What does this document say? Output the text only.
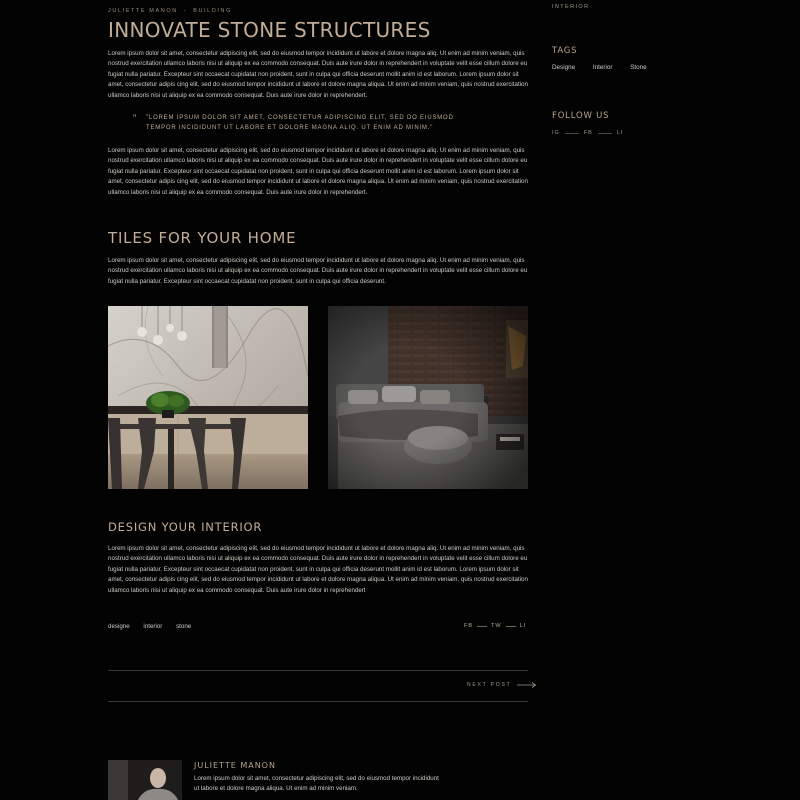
JULIETTE MANON - BUILDING
INNOVATE STONE STRUCTURES

Lorem ipsum dolor sit amet, consectetur adipiscing elit, sed do eiusmod tempor incididunt ut labore et dolore magna aliq. Ut enim ad minim veniam, quis nostrud exercitation ullamco laboris nisi ut aliquip ex ea commodo consequat. Duis aute irure dolor in reprehendert in voluptate velit esse cillum dolore eu fugiat nulla pariatur. Excepteur sint occaecat cupidatat non proident, sunt in culpa qui officia deserunt mollit anim id est laborum. Lorem ipsum dolor sit amet, consectetur adipis cing elit, sed do eiusmod tempor incididunt ut labore et dolore magna aliqua. Ut enim ad minim veniam, quis nostrud exercitation ullamco laboris nisi ut aliquip ex ea commodo consequat. Duis aute irure dolor in reprehendert.

"	"LOREM IPSUM DOLOR SIT AMET, CONSECTETUR ADIPISCING ELIT, SED DO EIUSMOD TEMPOR INCIDIDUNT UT LABORE ET DOLORE MAGNA ALIQ. UT ENIM AD MINIM."

Lorem ipsum dolor sit amet, consectetur adipiscing elit, sed do eiusmod tempor incididunt ut labore et dolore magna aliq. Ut enim ad minim veniam, quis nostrud exercitation ullamco laboris nisi ut aliquip ex ea commodo consequat. Duis aute irure dolor in reprehendert in voluptate velit esse cillum dolore eu fugiat nulla pariatur. Excepteur sint occaecat cupidatat non proident, sunt in culpa qui officia deserunt mollit anim id est laborum. Lorem ipsum dolor sit amet, consectetur adipis cing elit, sed do eiusmod tempor incididunt ut labore et dolore magna aliqua. Ut enim ad minim veniam, quis nostrud exercitation ullamco laboris nisi ut aliquip ex ea commodo consequat. Duis aute irure dolor in reprehendert.

TILES FOR YOUR HOME

Lorem ipsum dolor sit amet, consectetur adipiscing elit, sed do eiusmod tempor incididunt ut labore et dolore magna aliq. Ut enim ad minim veniam, quis nostrud exercitation ullamco laboris nisi ut aliquip ex ea commodo consequat. Duis aute irure dolor in reprehendert in voluptate velit esse cillum dolore eu fugiat nulla pariatur. Excepteur sint occaecat cupidatat non proident, sunt in culpa qui officia deserunt.

DESIGN YOUR INTERIOR

Lorem ipsum dolor sit amet, consectetur adipiscing elit, sed do eiusmod tempor incididunt ut labore et dolore magna aliq. Ut enim ad minim veniam, quis nostrud exercitation ullamco laboris nisi ut aliquip ex ea commodo consequat. Duis aute irure dolor in reprehendert in voluptate velit esse cillum dolore eu fugiat nulla pariatur. Excepteur sint occaecat cupidatat non proident, sunt in culpa qui officia deserunt mollit anim id est laborum. Lorem ipsum dolor sit amet, consectetur adipis cing elit, sed do eiusmod tempor incididunt ut labore et dolore magna aliqua. Ut enim ad minim veniam, quis nostrud exercitation ullamco laboris nisi ut aliquip ex ea commodo consequat. Duis aute irure dolor in reprehendert

designe interior stone	FB	TW	LI
NEXT POST
INTERIOR
TAGS
Designe	Interior	Stone
FOLLOW US
IG	FB	LI
JULIETTE MANON

Lorem ipsum dolor sit amet, consectetur adipiscing elit, sed do eiusmod tempor incididunt ut labore et dolore magna aliqua. Ut enim ad minim veniam.
